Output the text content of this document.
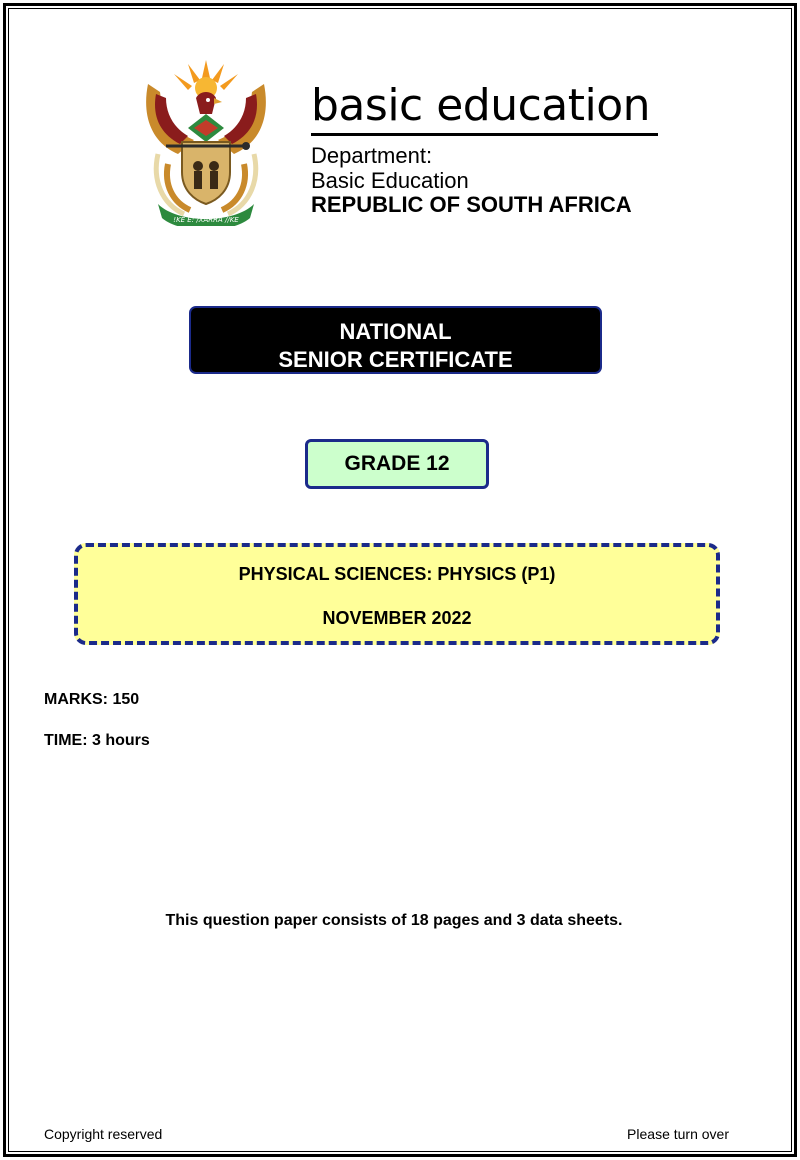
!KE E: /XARRA //KE
basic education
Department:
Basic Education
REPUBLIC OF SOUTH AFRICA
NATIONAL
SENIOR CERTIFICATE
GRADE 12
PHYSICAL SCIENCES: PHYSICS (P1)
NOVEMBER 2022
MARKS: 150
TIME: 3 hours
This question paper consists of 18 pages and 3 data sheets.
Copyright reserved	Please turn over
